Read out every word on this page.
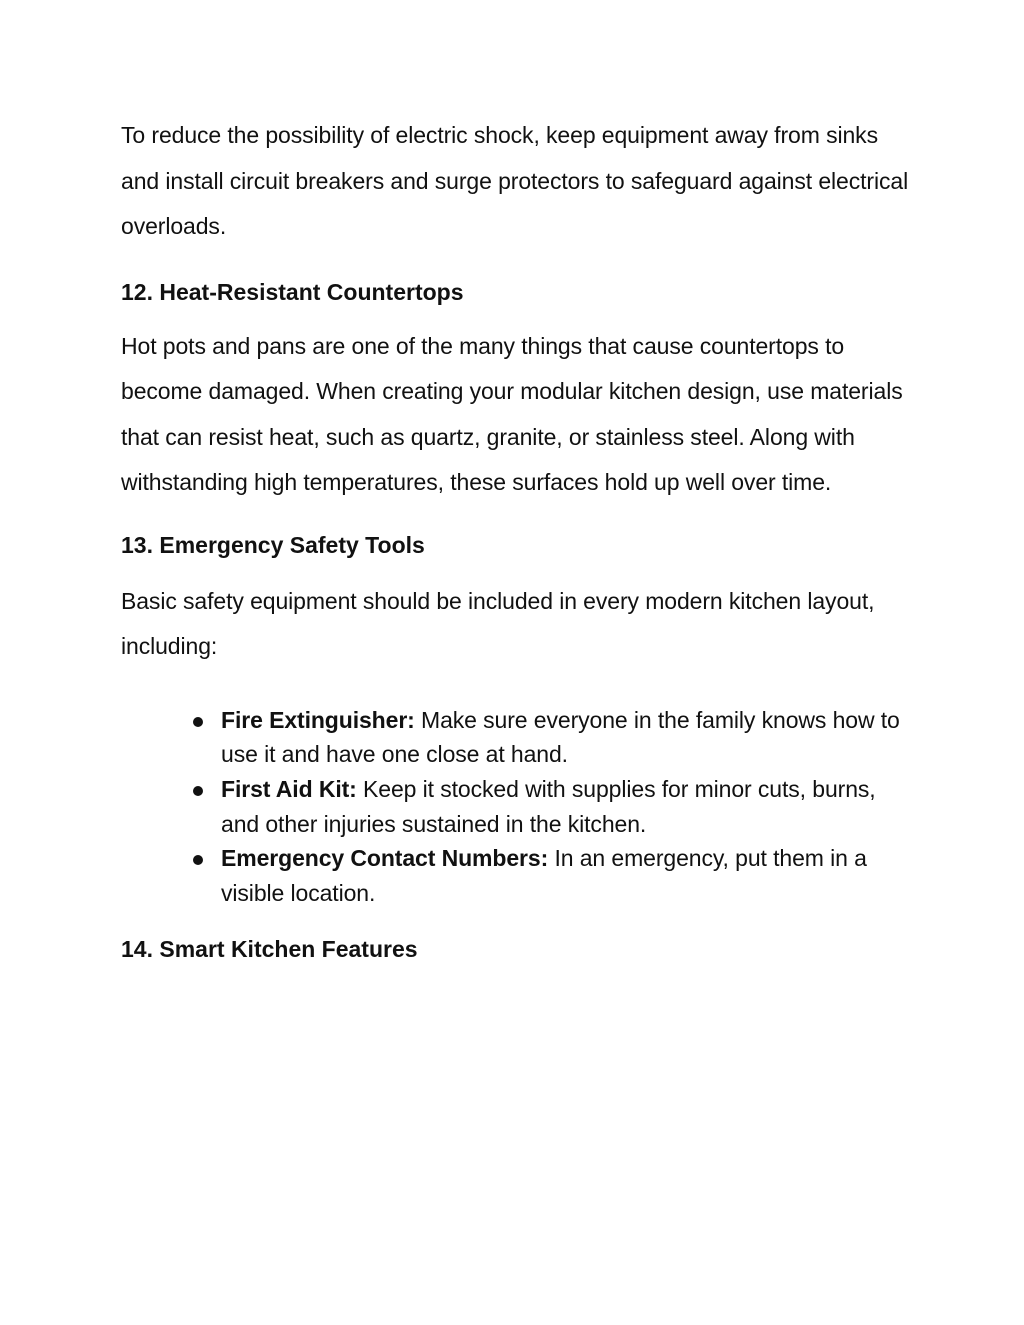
To reduce the possibility of electric shock, keep equipment away from sinks and install circuit breakers and surge protectors to safeguard against electrical overloads.

12. Heat-Resistant Countertops

Hot pots and pans are one of the many things that cause countertops to become damaged. When creating your modular kitchen design, use materials that can resist heat, such as quartz, granite, or stainless steel. Along with withstanding high temperatures, these surfaces hold up well over time.

13. Emergency Safety Tools

Basic safety equipment should be included in every modern kitchen layout, including:

Fire Extinguisher: Make sure everyone in the family knows how to use it and have one close at hand.
First Aid Kit: Keep it stocked with supplies for minor cuts, burns, and other injuries sustained in the kitchen.
Emergency Contact Numbers: In an emergency, put them in a visible location.
14. Smart Kitchen Features
